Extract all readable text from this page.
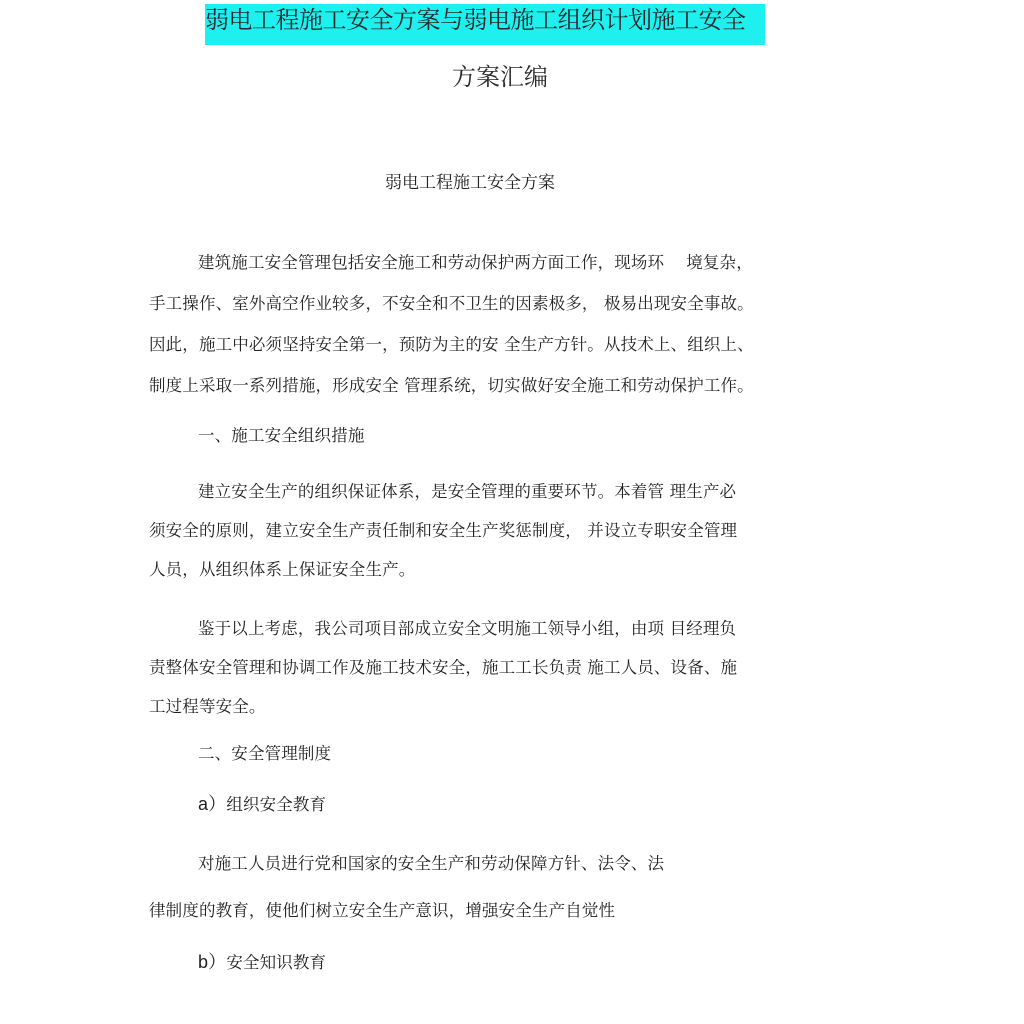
弱电工程施工安全方案与弱电施工组织计划施工安全
方案汇编
弱电工程施工安全方案
建筑施工安全管理包括安全施工和劳动保护两方面工作，现场环　 境复杂，
手工操作、室外高空作业较多，不安全和不卫生的因素极多， 极易出现安全事故。
因此，施工中必须坚持安全第一，预防为主的安 全生产方针。从技术上、组织上、
制度上采取一系列措施，形成安全 管理系统，切实做好安全施工和劳动保护工作。
一、施工安全组织措施
建立安全生产的组织保证体系，是安全管理的重要环节。本着管 理生产必
须安全的原则，建立安全生产责任制和安全生产奖惩制度， 并设立专职安全管理
人员，从组织体系上保证安全生产。
鉴于以上考虑，我公司项目部成立安全文明施工领导小组，由项 目经理负
责整体安全管理和协调工作及施工技术安全，施工工长负责 施工人员、设备、施
工过程等安全。
二、安全管理制度
a）组织安全教育
对施工人员进行党和国家的安全生产和劳动保障方针、法令、法
律制度的教育，使他们树立安全生产意识，增强安全生产自觉性
b）安全知识教育
